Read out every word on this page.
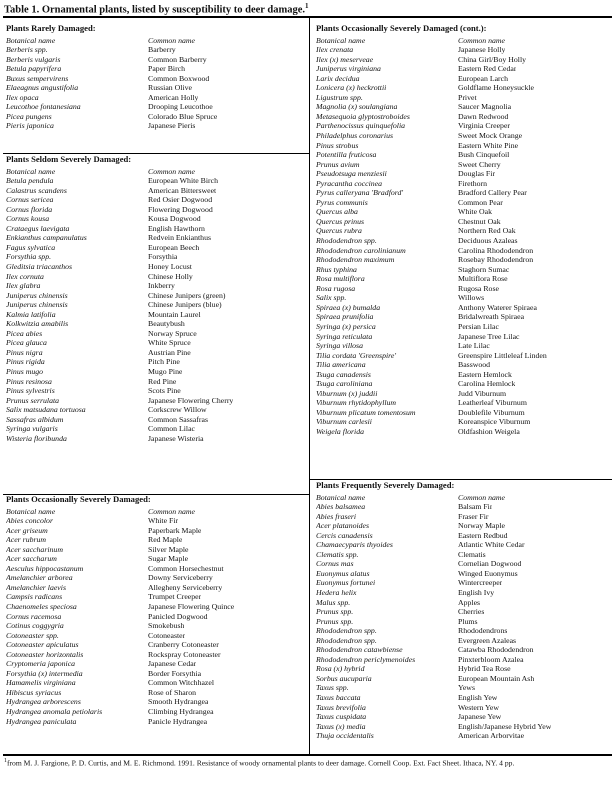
Table 1. Ornamental plants, listed by susceptibility to deer damage.$^1$
Plants Rarely Damaged:
Botanical name	Common name
Berberis spp.	Barberry
Berberis vulgaris	Common Barberry
Betula papyrifera	Paper Birch
Buxus sempervirens	Common Boxwood
Elaeagnus angustifolia	Russian Olive
Ilex opaca	American Holly
Leucothoe fontanesiana	Drooping Leucothoe
Picea pungens	Colorado Blue Spruce
Pieris japonica	Japanese Pieris
Plants Seldom Severely Damaged:
Botanical name	Common name
Betula pendula	European White Birch
Calastrus scandens	American Bittersweet
Cornus sericea	Red Osier Dogwood
Cornus florida	Flowering Dogwood
Cornus kousa	Kousa Dogwood
Crataegus laevigata	English Hawthorn
Enkianthus campanulatus	Redvein Enkianthus
Fagus sylvatica	European Beech
Forsythia spp.	Forsythia
Gleditsia triacanthos	Honey Locust
Ilex cornuta	Chinese Holly
Ilex glabra	Inkberry
Juniperus chinensis	Chinese Junipers (green)
Juniperus chinensis	Chinese Junipers (blue)
Kalmia latifolia	Mountain Laurel
Kolkwitzia amabilis	Beautybush
Picea abies	Norway Spruce
Picea glauca	White Spruce
Pinus nigra	Austrian Pine
Pinus rigida	Pitch Pine
Pinus mugo	Mugo Pine
Pinus resinosa	Red Pine
Pinus sylvestris	Scots Pine
Prunus serrulata	Japanese Flowering Cherry
Salix matsudana tortuosa	Corkscrew Willow
Sassafras albidum	Common Sassafras
Syringa vulgaris	Common Lilac
Wisteria floribunda	Japanese Wisteria
Plants Occasionally Severely Damaged:
Botanical name	Common name
Abies concolor	White Fir
Acer griseum	Paperbark Maple
Acer rubrum	Red Maple
Acer saccharinum	Silver Maple
Acer saccharum	Sugar Maple
Aesculus hippocastanum	Common Horsechestnut
Amelanchier arborea	Downy Serviceberry
Amelanchier laevis	Allegheny Serviceberry
Campsis radicans	Trumpet Creeper
Chaenomeles speciosa	Japanese Flowering Quince
Cornus racemosa	Panicled Dogwood
Cotinus coggygria	Smokebush
Cotoneaster spp.	Cotoneaster
Cotoneaster apiculatus	Cranberry Cotoneaster
Cotoneaster horizontalis	Rockspray Cotoneaster
Cryptomeria japonica	Japanese Cedar
Forsythia (x) intermedia	Border Forsythia
Hamamelis virginiana	Common Witchhazel
Hibiscus syriacus	Rose of Sharon
Hydrangea arborescens	Smooth Hydrangea
Hydrangea anomala petiolaris	Climbing Hydrangea
Hydrangea paniculata	Panicle Hydrangea
Plants Occasionally Severely Damaged (cont.):
Botanical name	Common name
Ilex crenata	Japanese Holly
Ilex (x) meserveae	China Girl/Boy Holly
Juniperus virginiana	Eastern Red Cedar
Larix decidua	European Larch
Lonicera (x) heckrottii	Goldflame Honeysuckle
Ligustrum spp.	Privet
Magnolia (x) soulangiana	Saucer Magnolia
Metasequoia glyptostroboides	Dawn Redwood
Parthenocissus quinquefolia	Virginia Creeper
Philadelphus coronarius	Sweet Mock Orange
Pinus strobus	Eastern White Pine
Potentilla fruticosa	Bush Cinquefoil
Prunus avium	Sweet Cherry
Pseudotsuga menziesii	Douglas Fir
Pyracantha coccinea	Firethorn
Pyrus calleryana 'Bradford'	Bradford Callery Pear
Pyrus communis	Common Pear
Quercus alba	White Oak
Quercus prinus	Chestnut Oak
Quercus rubra	Northern Red Oak
Rhododendron spp.	Deciduous Azaleas
Rhododendron carolinianum	Carolina Rhododendron
Rhododendron maximum	Rosebay Rhododendron
Rhus typhina	Staghorn Sumac
Rosa multiflora	Multiflora Rose
Rosa rugosa	Rugosa Rose
Salix spp.	Willows
Spiraea (x) bumalda	Anthony Waterer Spiraea
Spiraea prunifolia	Bridalwreath Spiraea
Syringa (x) persica	Persian Lilac
Syringa reticulata	Japanese Tree Lilac
Syringa villosa	Late Lilac
Tilia cordata 'Greenspire'	Greenspire Littleleaf Linden
Tilia americana	Basswood
Tsuga canadensis	Eastern Hemlock
Tsuga caroliniana	Carolina Hemlock
Viburnum (x) juddii	Judd Viburnum
Viburnum rhytidophyllum	Leatherleaf Viburnum
Viburnum plicatum tomentosum	Doublefile Viburnum
Viburnum carlesii	Koreanspice Viburnum
Weigela florida	Oldfashion Weigela
Plants Frequently Severely Damaged:
Botanical name	Common name
Abies balsamea	Balsam Fir
Abies fraseri	Fraser Fir
Acer platanoides	Norway Maple
Cercis canadensis	Eastern Redbud
Chamaecyparis thyoides	Atlantic White Cedar
Clematis spp.	Clematis
Cornus mas	Cornelian Dogwood
Euonymus alatus	Winged Euonymus
Euonymus fortunei	Wintercreeper
Hedera helix	English Ivy
Malus spp.	Apples
Prunus spp.	Cherries
Prunus spp.	Plums
Rhododendron spp.	Rhododendrons
Rhododendron spp.	Evergreen Azaleas
Rhododendron catawbiense	Catawba Rhododendron
Rhododendron periclymenoides	Pinxterbloom Azalea
Rosa (x) hybrid	Hybrid Tea Rose
Sorbus aucuparia	European Mountain Ash
Taxus spp.	Yews
Taxus baccata	English Yew
Taxus brevifolia	Western Yew
Taxus cuspidata	Japanese Yew
Taxus (x) media	English/Japanese Hybrid Yew
Thuja occidentalis	American Arborvitae
$^1$from M. J. Fargione, P. D. Curtis, and M. E. Richmond. 1991. Resistance of woody ornamental plants to deer damage. Cornell Coop. Ext. Fact Sheet. Ithaca, NY. 4 pp.
